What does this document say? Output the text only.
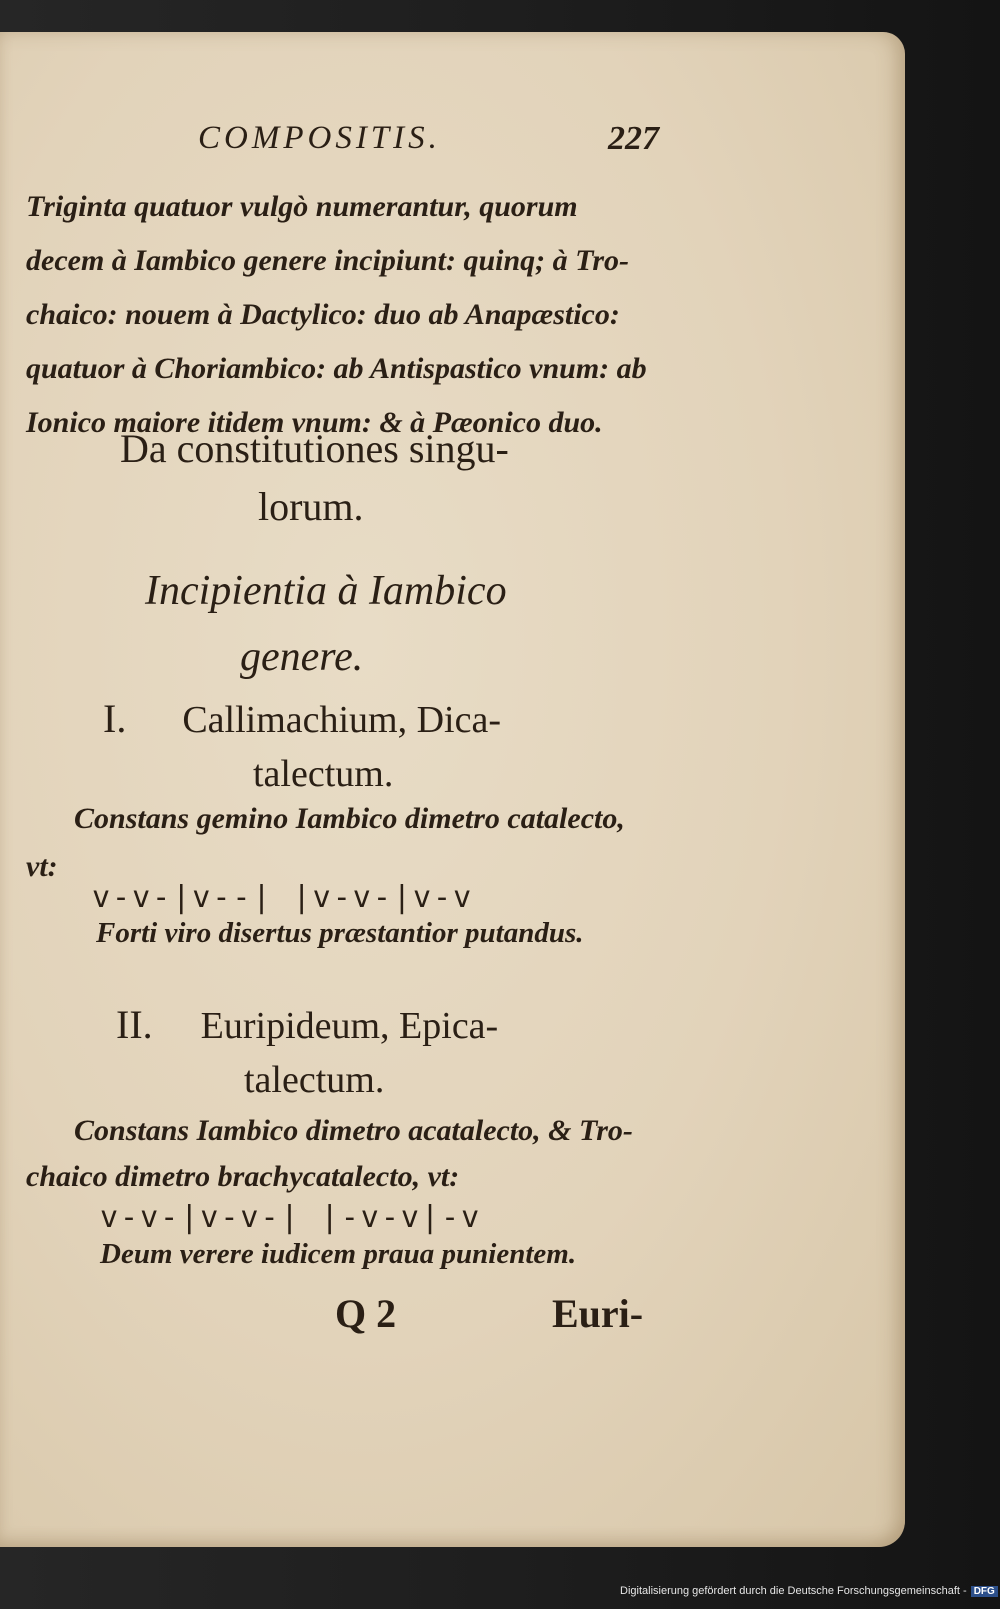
COMPOSITIS.	227
Triginta quatuor vulgò numerantur, quorum
decem à Iambico genere incipiunt: quinq; à Tro-
chaico: nouem à Dactylico: duo ab Anapæstico:
quatuor à Choriambico: ab Antispastico vnum: ab
Ionico maiore itidem vnum: & à Pæonico duo.
Da constitutiones singu-
lorum.
Incipientia à Iambico
genere.
I. Callimachium, Dica-
talectum.
Constans gemino Iambico dimetro catalecto,
vt:
v-v-|v--| |v-v-|v-v
Forti viro disertus præstantior putandus.
II. Euripideum, Epica-
talectum.
Constans Iambico dimetro acatalecto, & Tro-
chaico dimetro brachycatalecto, vt:
v-v-|v-v-| |-v-v|-v
Deum verere iudicem praua punientem.
Q 2	Euri-
Digitalisierung gefördert durch die Deutsche Forschungsgemeinschaft - DFG
